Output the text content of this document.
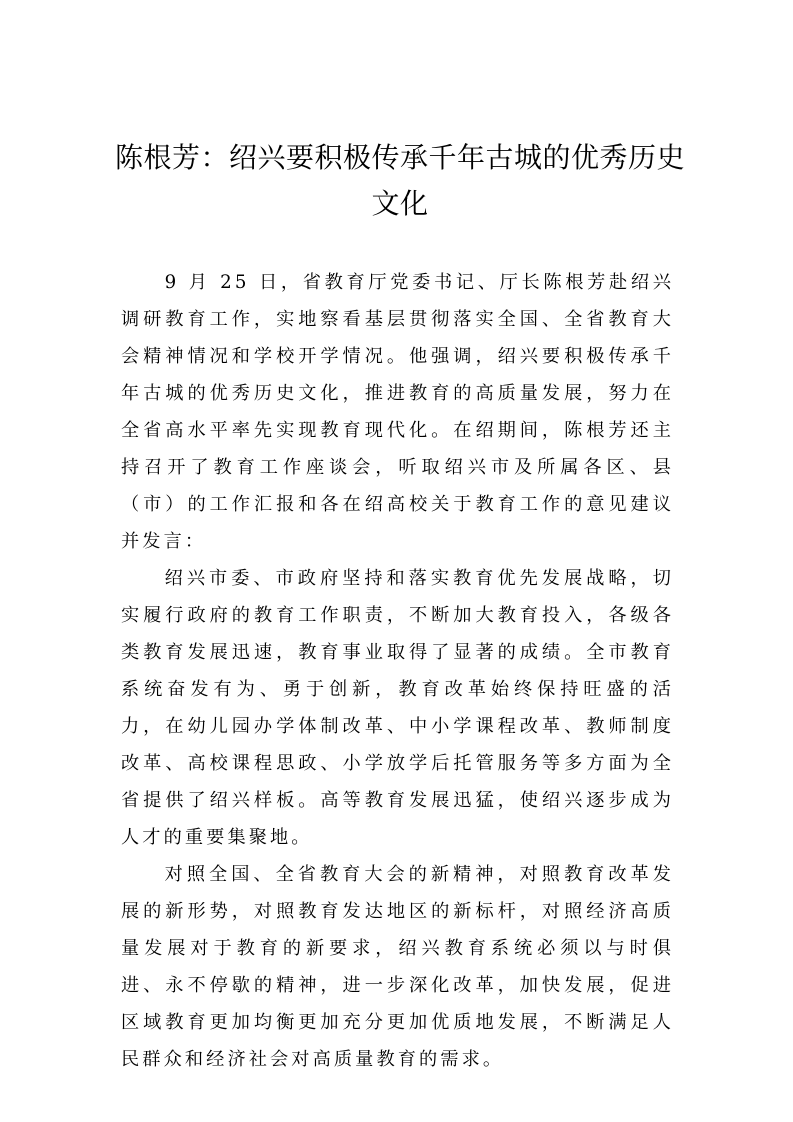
陈根芳：绍兴要积极传承千年古城的优秀历史文化

9 月 25 日，省教育厅党委书记、厅长陈根芳赴绍兴调研教育工作，实地察看基层贯彻落实全国、全省教育大会精神情况和学校开学情况。他强调，绍兴要积极传承千年古城的优秀历史文化，推进教育的高质量发展，努力在全省高水平率先实现教育现代化。在绍期间，陈根芳还主持召开了教育工作座谈会，听取绍兴市及所属各区、县（市）的工作汇报和各在绍高校关于教育工作的意见建议并发言：

绍兴市委、市政府坚持和落实教育优先发展战略，切实履行政府的教育工作职责，不断加大教育投入，各级各类教育发展迅速，教育事业取得了显著的成绩。全市教育系统奋发有为、勇于创新，教育改革始终保持旺盛的活力，在幼儿园办学体制改革、中小学课程改革、教师制度改革、高校课程思政、小学放学后托管服务等多方面为全省提供了绍兴样板。高等教育发展迅猛，使绍兴逐步成为人才的重要集聚地。

对照全国、全省教育大会的新精神，对照教育改革发展的新形势，对照教育发达地区的新标杆，对照经济高质量发展对于教育的新要求，绍兴教育系统必须以与时俱进、永不停歇的精神，进一步深化改革，加快发展，促进区域教育更加均衡更加充分更加优质地发展，不断满足人民群众和经济社会对高质量教育的需求。
